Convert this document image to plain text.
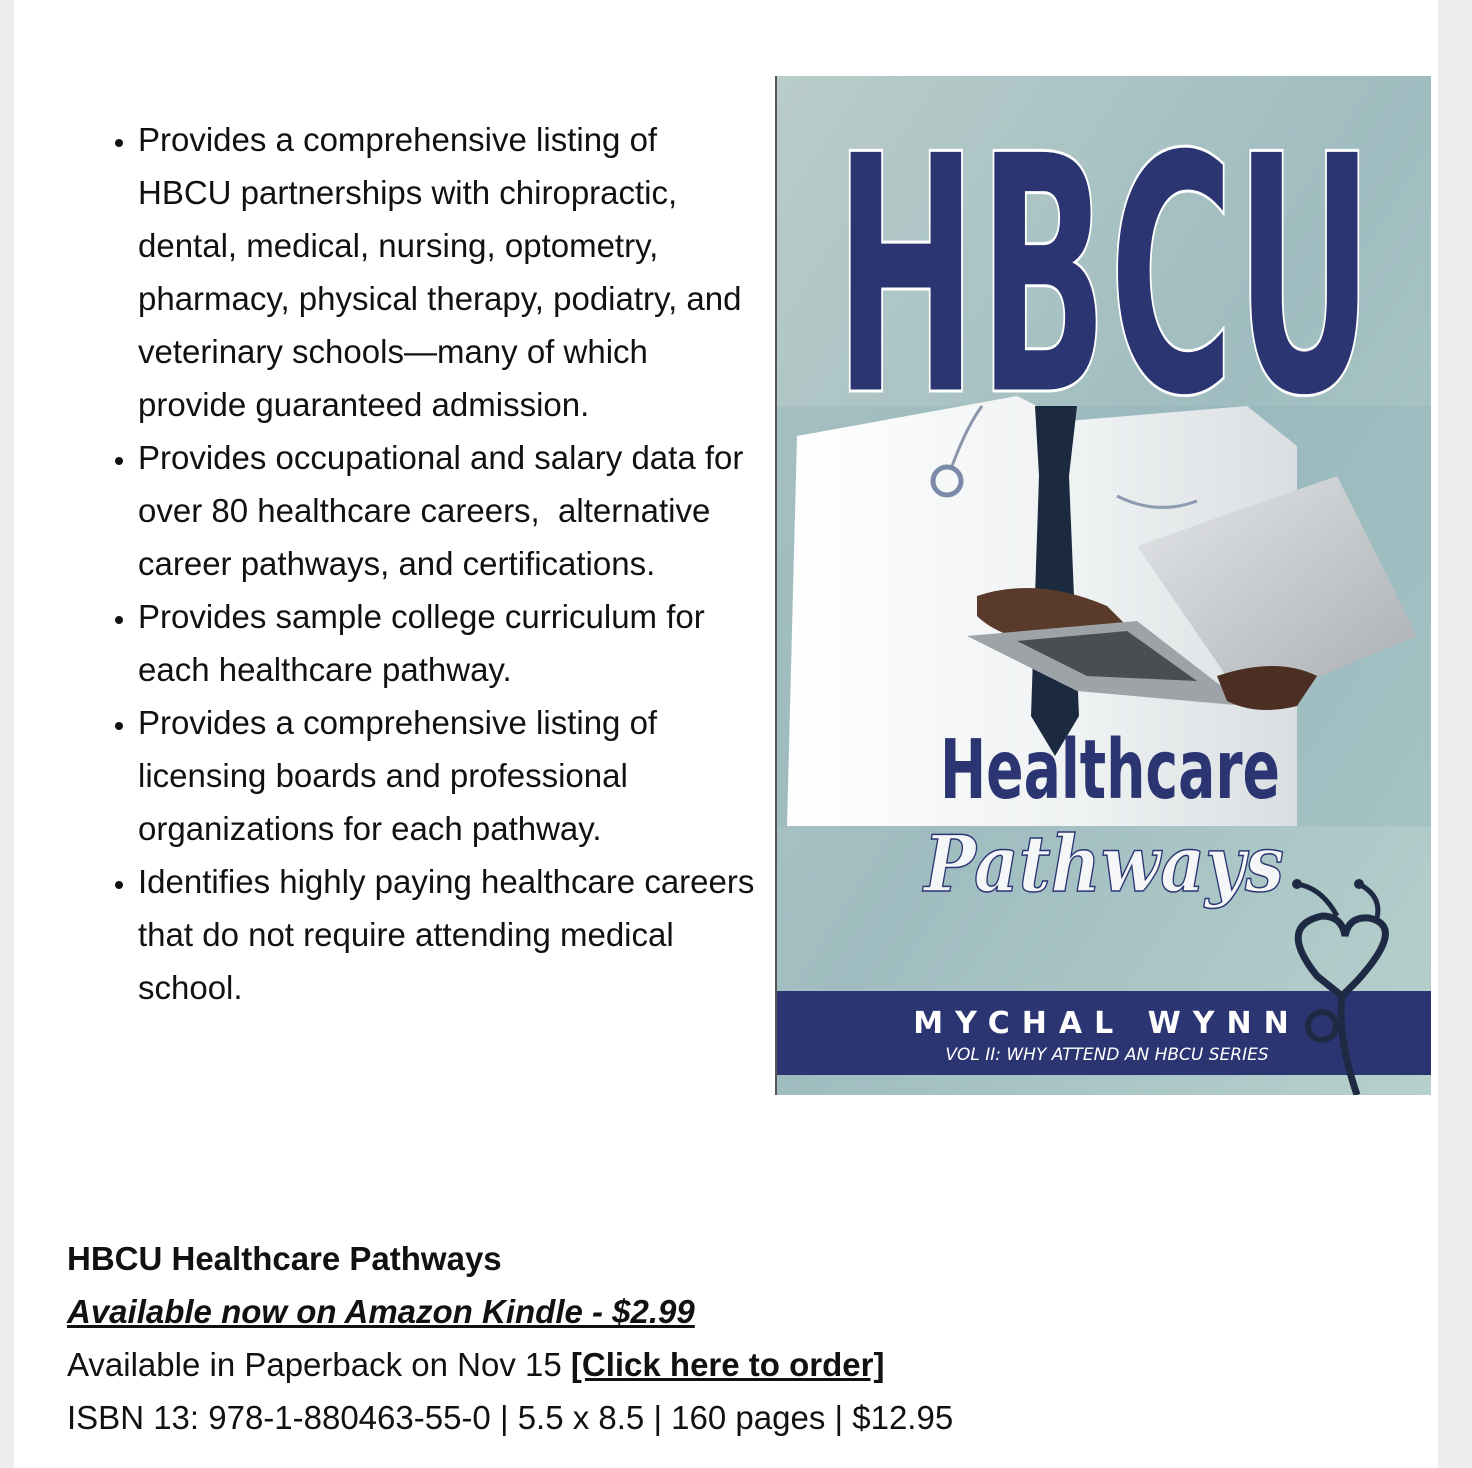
• Provides a comprehensive listing of HBCU partnerships with chiropractic, dental, medical, nursing, optometry, pharmacy, physical therapy, podiatry, and veterinary schools—many of which provide guaranteed admission.
• Provides occupational and salary data for over 80 healthcare careers,  alternative career pathways, and certifications.
• Provides sample college curriculum for each healthcare pathway.
• Provides a comprehensive listing of licensing boards and professional organizations for each pathway.
• Identifies highly paying healthcare careers that do not require attending medical school.
HBCU
Healthcare
Pathways
MYCHAL WYNN
VOL II: WHY ATTEND AN HBCU SERIES
HBCU Healthcare Pathways
Available now on Amazon Kindle - $2.99
Available in Paperback on Nov 15 [Click here to order]
ISBN 13: 978-1-880463-55-0 | 5.5 x 8.5 | 160 pages | $12.95
